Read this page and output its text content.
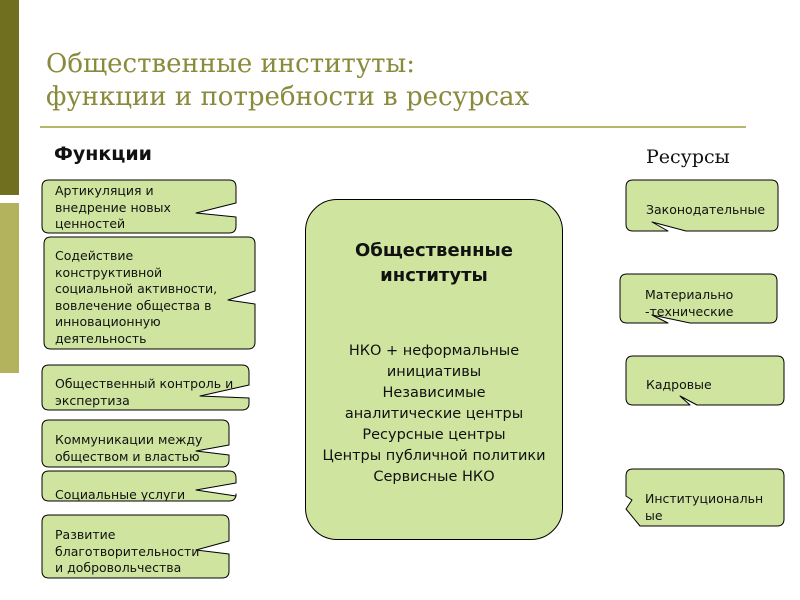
Общественные институты:
функции и потребности в ресурсах
Функции	Ресурсы
Артикуляция и
внедрение новых
ценностей
Содействие
конструктивной
социальной активности,
вовлечение общества в
инновационную
деятельность
Общественный контроль и
экспертиза
Коммуникации между
обществом и властью
Социальные услуги
Развитие
благотворительности
и добровольчества
Общественные институты
НКО + неформальные
инициативы
Независимые
аналитические центры
Ресурсные центры
Центры публичной политики
Сервисные НКО
Законодательные
Материально
-технические
Кадровые
Институциональн
ые
